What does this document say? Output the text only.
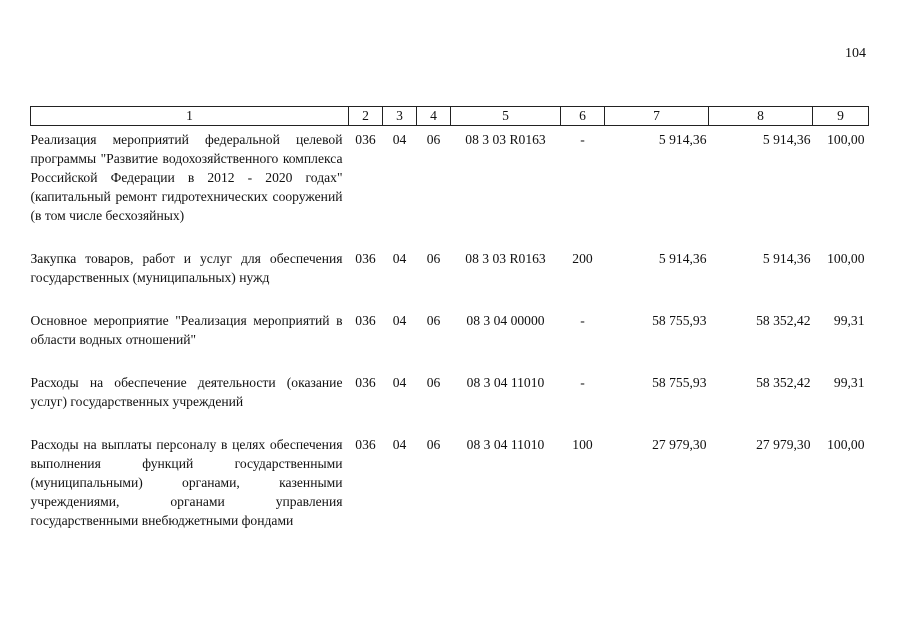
104
1	2	3	4	5	6	7	8	9
Реализация мероприятий федеральной целевой программы "Развитие водохозяйственного комплекса Российской Федерации в 2012 - 2020 годах" (капитальный ремонт гидротехнических сооружений (в том числе бесхозяйных)	036	04	06	08 3 03 R0163	-	5 914,36	5 914,36	100,00

Закупка товаров, работ и услуг для обеспечения государственных (муниципальных) нужд	036	04	06	08 3 03 R0163	200	5 914,36	5 914,36	100,00

Основное мероприятие "Реализация мероприятий в области водных отношений"	036	04	06	08 3 04 00000	-	58 755,93	58 352,42	99,31

Расходы на обеспечение деятельности (оказание услуг) государственных учреждений	036	04	06	08 3 04 11010	-	58 755,93	58 352,42	99,31

Расходы на выплаты персоналу в целях обеспечения выполнения функций государственными (муниципальными) органами, казенными учреждениями, органами управления государственными внебюджетными фондами	036	04	06	08 3 04 11010	100	27 979,30	27 979,30	100,00
